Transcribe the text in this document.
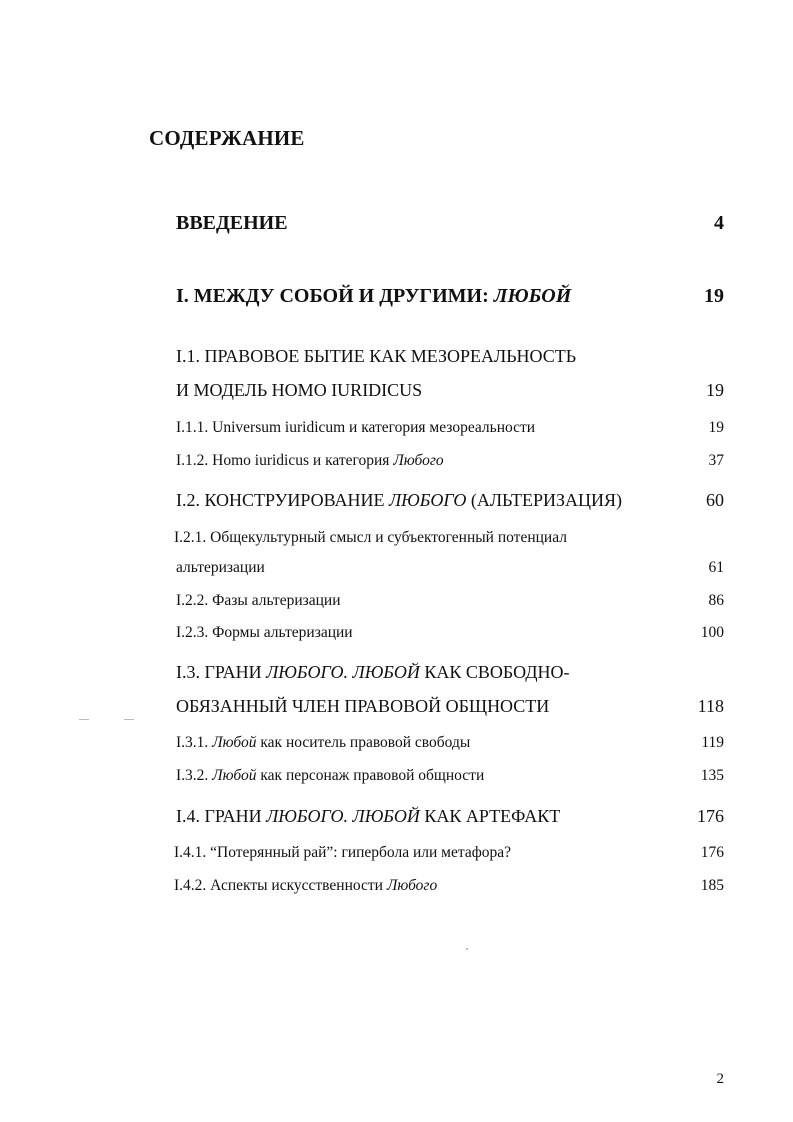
СОДЕРЖАНИЕ
ВВЕДЕНИЕ	4
I. МЕЖДУ СОБОЙ И ДРУГИМИ: ЛЮБОЙ	19
I.1. ПРАВОВОЕ БЫТИЕ КАК МЕЗОРЕАЛЬНОСТЬ
И МОДЕЛЬ HOMO IURIDICUS	19
I.1.1. Universum iuridicum и категория мезореальности	19
I.1.2. Homo iuridicus и категория Любого	37
I.2. КОНСТРУИРОВАНИЕ ЛЮБОГО (АЛЬТЕРИЗАЦИЯ)	60
I.2.1. Общекультурный смысл и субъектогенный потенциал
альтеризации	61
I.2.2. Фазы альтеризации	86
I.2.3. Формы альтеризации	100
I.3. ГРАНИ ЛЮБОГО. ЛЮБОЙ КАК СВОБОДНО-
ОБЯЗАННЫЙ ЧЛЕН ПРАВОВОЙ ОБЩНОСТИ	118
I.3.1. Любой как носитель правовой свободы	119
I.3.2. Любой как персонаж правовой общности	135
I.4. ГРАНИ ЛЮБОГО. ЛЮБОЙ КАК АРТЕФАКТ	176
I.4.1. “Потерянный рай”: гипербола или метафора?	176
I.4.2. Аспекты искусственности Любого	185
2
